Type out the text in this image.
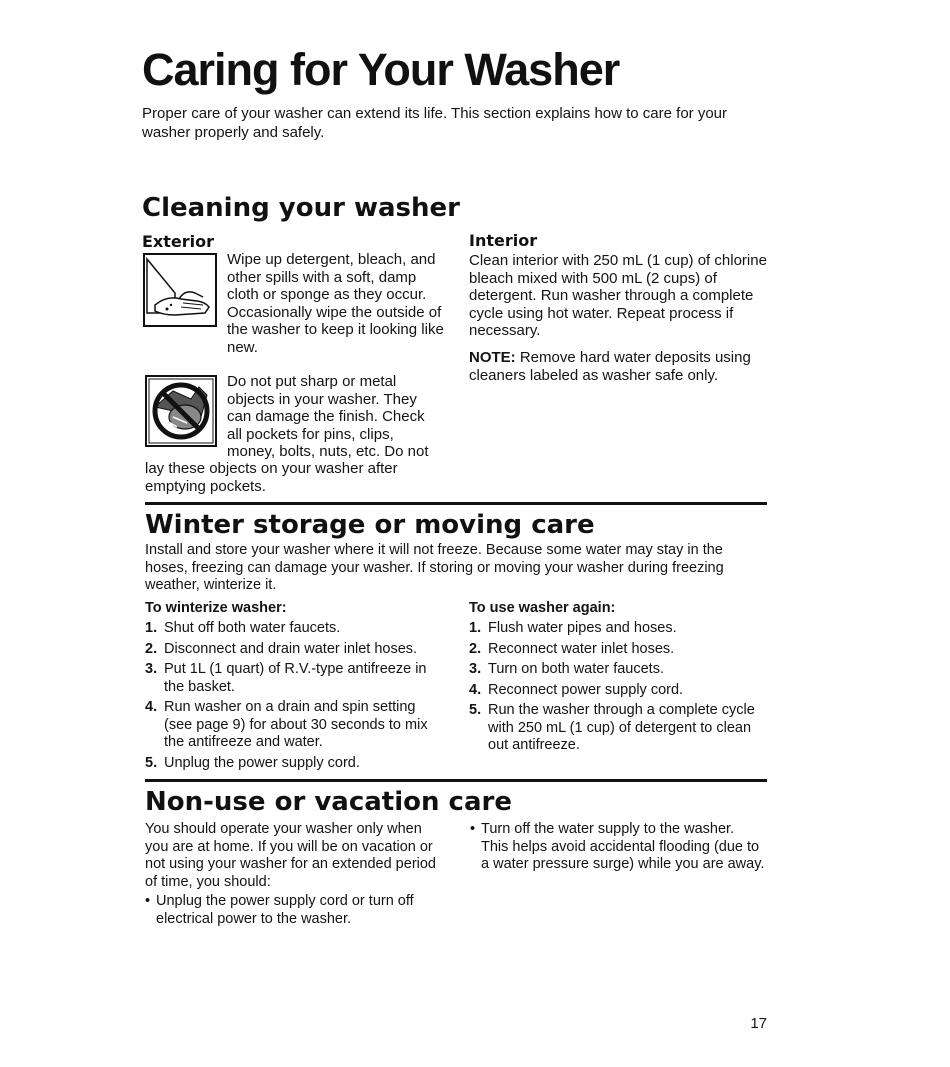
Caring for Your Washer
Proper care of your washer can extend its life. This section explains how to care for your washer properly and safely.
Cleaning your washer
Exterior
Wipe up detergent, bleach, and other spills with a soft, damp cloth or sponge as they occur. Occasionally wipe the outside of the washer to keep it looking like new.
Do not put sharp or metal
objects in your washer. They
can damage the finish. Check
all pockets for pins, clips,
money, bolts, nuts, etc. Do not
lay these objects on your washer after
emptying pockets.
Interior
Clean interior with 250 mL (1 cup) of chlorine bleach mixed with 500 mL (2 cups) of detergent. Run washer through a complete cycle using hot water. Repeat process if necessary.
NOTE: Remove hard water deposits using cleaners labeled as washer safe only.
Winter storage or moving care
Install and store your washer where it will not freeze. Because some water may stay in the hoses, freezing can damage your washer. If storing or moving your washer during freezing weather, winterize it.
To winterize washer:
1. Shut off both water faucets.
2. Disconnect and drain water inlet hoses.
3. Put 1L (1 quart) of R.V.-type antifreeze in the basket.
4. Run washer on a drain and spin setting (see page 9) for about 30 seconds to mix the antifreeze and water.
5. Unplug the power supply cord.
To use washer again:
1. Flush water pipes and hoses.
2. Reconnect water inlet hoses.
3. Turn on both water faucets.
4. Reconnect power supply cord.
5. Run the washer through a complete cycle with 250 mL (1 cup) of detergent to clean out antifreeze.
Non-use or vacation care
You should operate your washer only when you are at home. If you will be on vacation or not using your washer for an extended period of time, you should:
• Unplug the power supply cord or turn off electrical power to the washer.
• Turn off the water supply to the washer. This helps avoid accidental flooding (due to a water pressure surge) while you are away.
17
